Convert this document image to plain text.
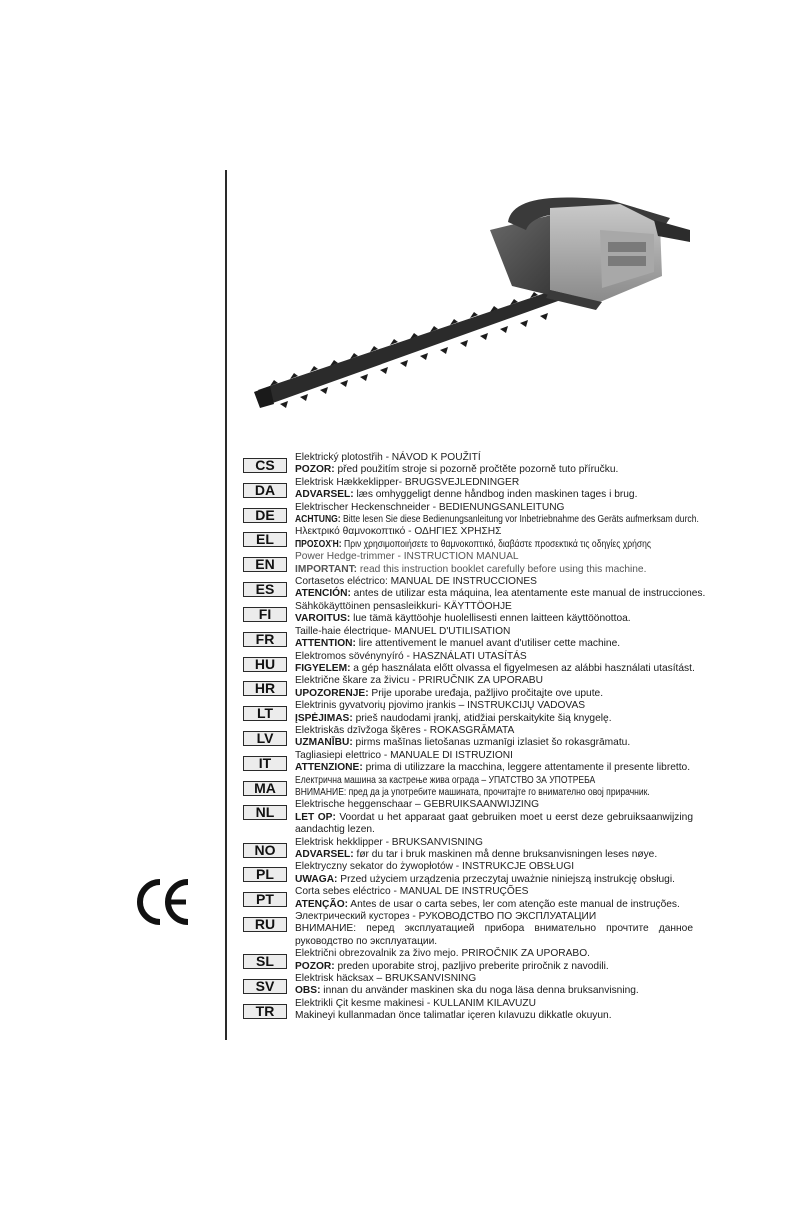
CS	Elektrický plotostřih - NÁVOD K POUŽITÍ
POZOR: před použitím stroje si pozorně pročtěte pozorně tuto příručku.
DA	Elektrisk Hækkeklipper- BRUGSVEJLEDNINGER
ADVARSEL: læs omhyggeligt denne håndbog inden maskinen tages i brug.
DE	Elektrischer Heckenschneider - BEDIENUNGSANLEITUNG
ACHTUNG: Bitte lesen Sie diese Bedienungsanleitung vor Inbetriebnahme des Geräts aufmerksam durch.
EL	Ηλεκτρικό θαμνοκοπτικό - ΟΔΗΓΙΕΣ ΧΡΗΣΗΣ
ΠΡΟΣΟΧΉ: Πριν χρησιμοποιήσετε το θαμνοκοπτικό, διαβάστε προσεκτικά τις οδηγίες χρήσης
EN	Power Hedge-trimmer - INSTRUCTION MANUAL
IMPORTANT: read this instruction booklet carefully before using this machine.
ES	Cortasetos eléctrico: MANUAL DE INSTRUCCIONES
ATENCIÓN: antes de utilizar esta máquina, lea atentamente este manual de instrucciones.
FI	Sähkökäyttöinen pensasleikkuri- KÄYTTÖOHJE
VAROITUS: lue tämä käyttöohje huolellisesti ennen laitteen käyttöönottoa.
FR	Taille-haie électrique- MANUEL D'UTILISATION
ATTENTION: lire attentivement le manuel avant d'utiliser cette machine.
HU	Elektromos sövénynyíró - HASZNÁLATI UTASÍTÁS
FIGYELEM: a gép használata előtt olvassa el figyelmesen az alábbi használati utasítást.
HR	Električne škare za živicu - PRIRUČNIK ZA UPORABU
UPOZORENJE: Prije uporabe uređaja, pažljivo pročitajte ove upute.
LT	Elektrinis gyvatvorių pjovimo įrankis – INSTRUKCIJŲ VADOVAS
ĮSPĖJIMAS: prieš naudodami įrankį, atidžiai perskaitykite šią knygelę.
LV	Elektriskās dzīvžoga šķēres - ROKASGRĀMATA
UZMANĪBU: pirms mašīnas lietošanas uzmanīgi izlasiet šo rokasgrāmatu.
IT	Tagliasiepi elettrico - MANUALE DI ISTRUZIONI
ATTENZIONE: prima di utilizzare la macchina, leggere attentamente il presente libretto.
MA	Електрична машина за кастрење жива ограда – УПАТСТВО ЗА УПОТРЕБА
ВНИМАНИЕ: пред да ја употребите машината, прочитајте го внимателно овој прирачник.
NL	Elektrische heggenschaar – GEBRUIKSAANWIJZING
LET OP: Voordat u het apparaat gaat gebruiken moet u eerst deze gebruiksaanwijzing aandachtig lezen.
NO	Elektrisk hekklipper - BRUKSANVISNING
ADVARSEL: før du tar i bruk maskinen må denne bruksanvisningen leses nøye.
PL	Elektryczny sekator do żywopłotów - INSTRUKCJE OBSŁUGI
UWAGA: Przed użyciem urządzenia przeczytaj uważnie niniejszą instrukcję obsługi.
PT	Corta sebes eléctrico - MANUAL DE INSTRUÇÕES
ATENÇÃO: Antes de usar o carta sebes, ler com atenção este manual de instruções.
RU	Электрический кусторез - РУКОВОДСТВО ПО ЭКСПЛУАТАЦИИ
ВНИМАНИЕ: перед эксплуатацией прибора внимательно прочтите данное руководство по эксплуатации.
SL	Električni obrezovalnik za živo mejo. PRIROČNIK ZA UPORABO.
POZOR: preden uporabite stroj, pazljivo preberite priročnik z navodili.
SV	Elektrisk häcksax – BRUKSANVISNING
OBS: innan du använder maskinen ska du noga läsa denna bruksanvisning.
TR	Elektrikli Çit kesme makinesi - KULLANIM KILAVUZU
Makineyi kullanmadan önce talimatlar içeren kılavuzu dikkatle okuyun.
